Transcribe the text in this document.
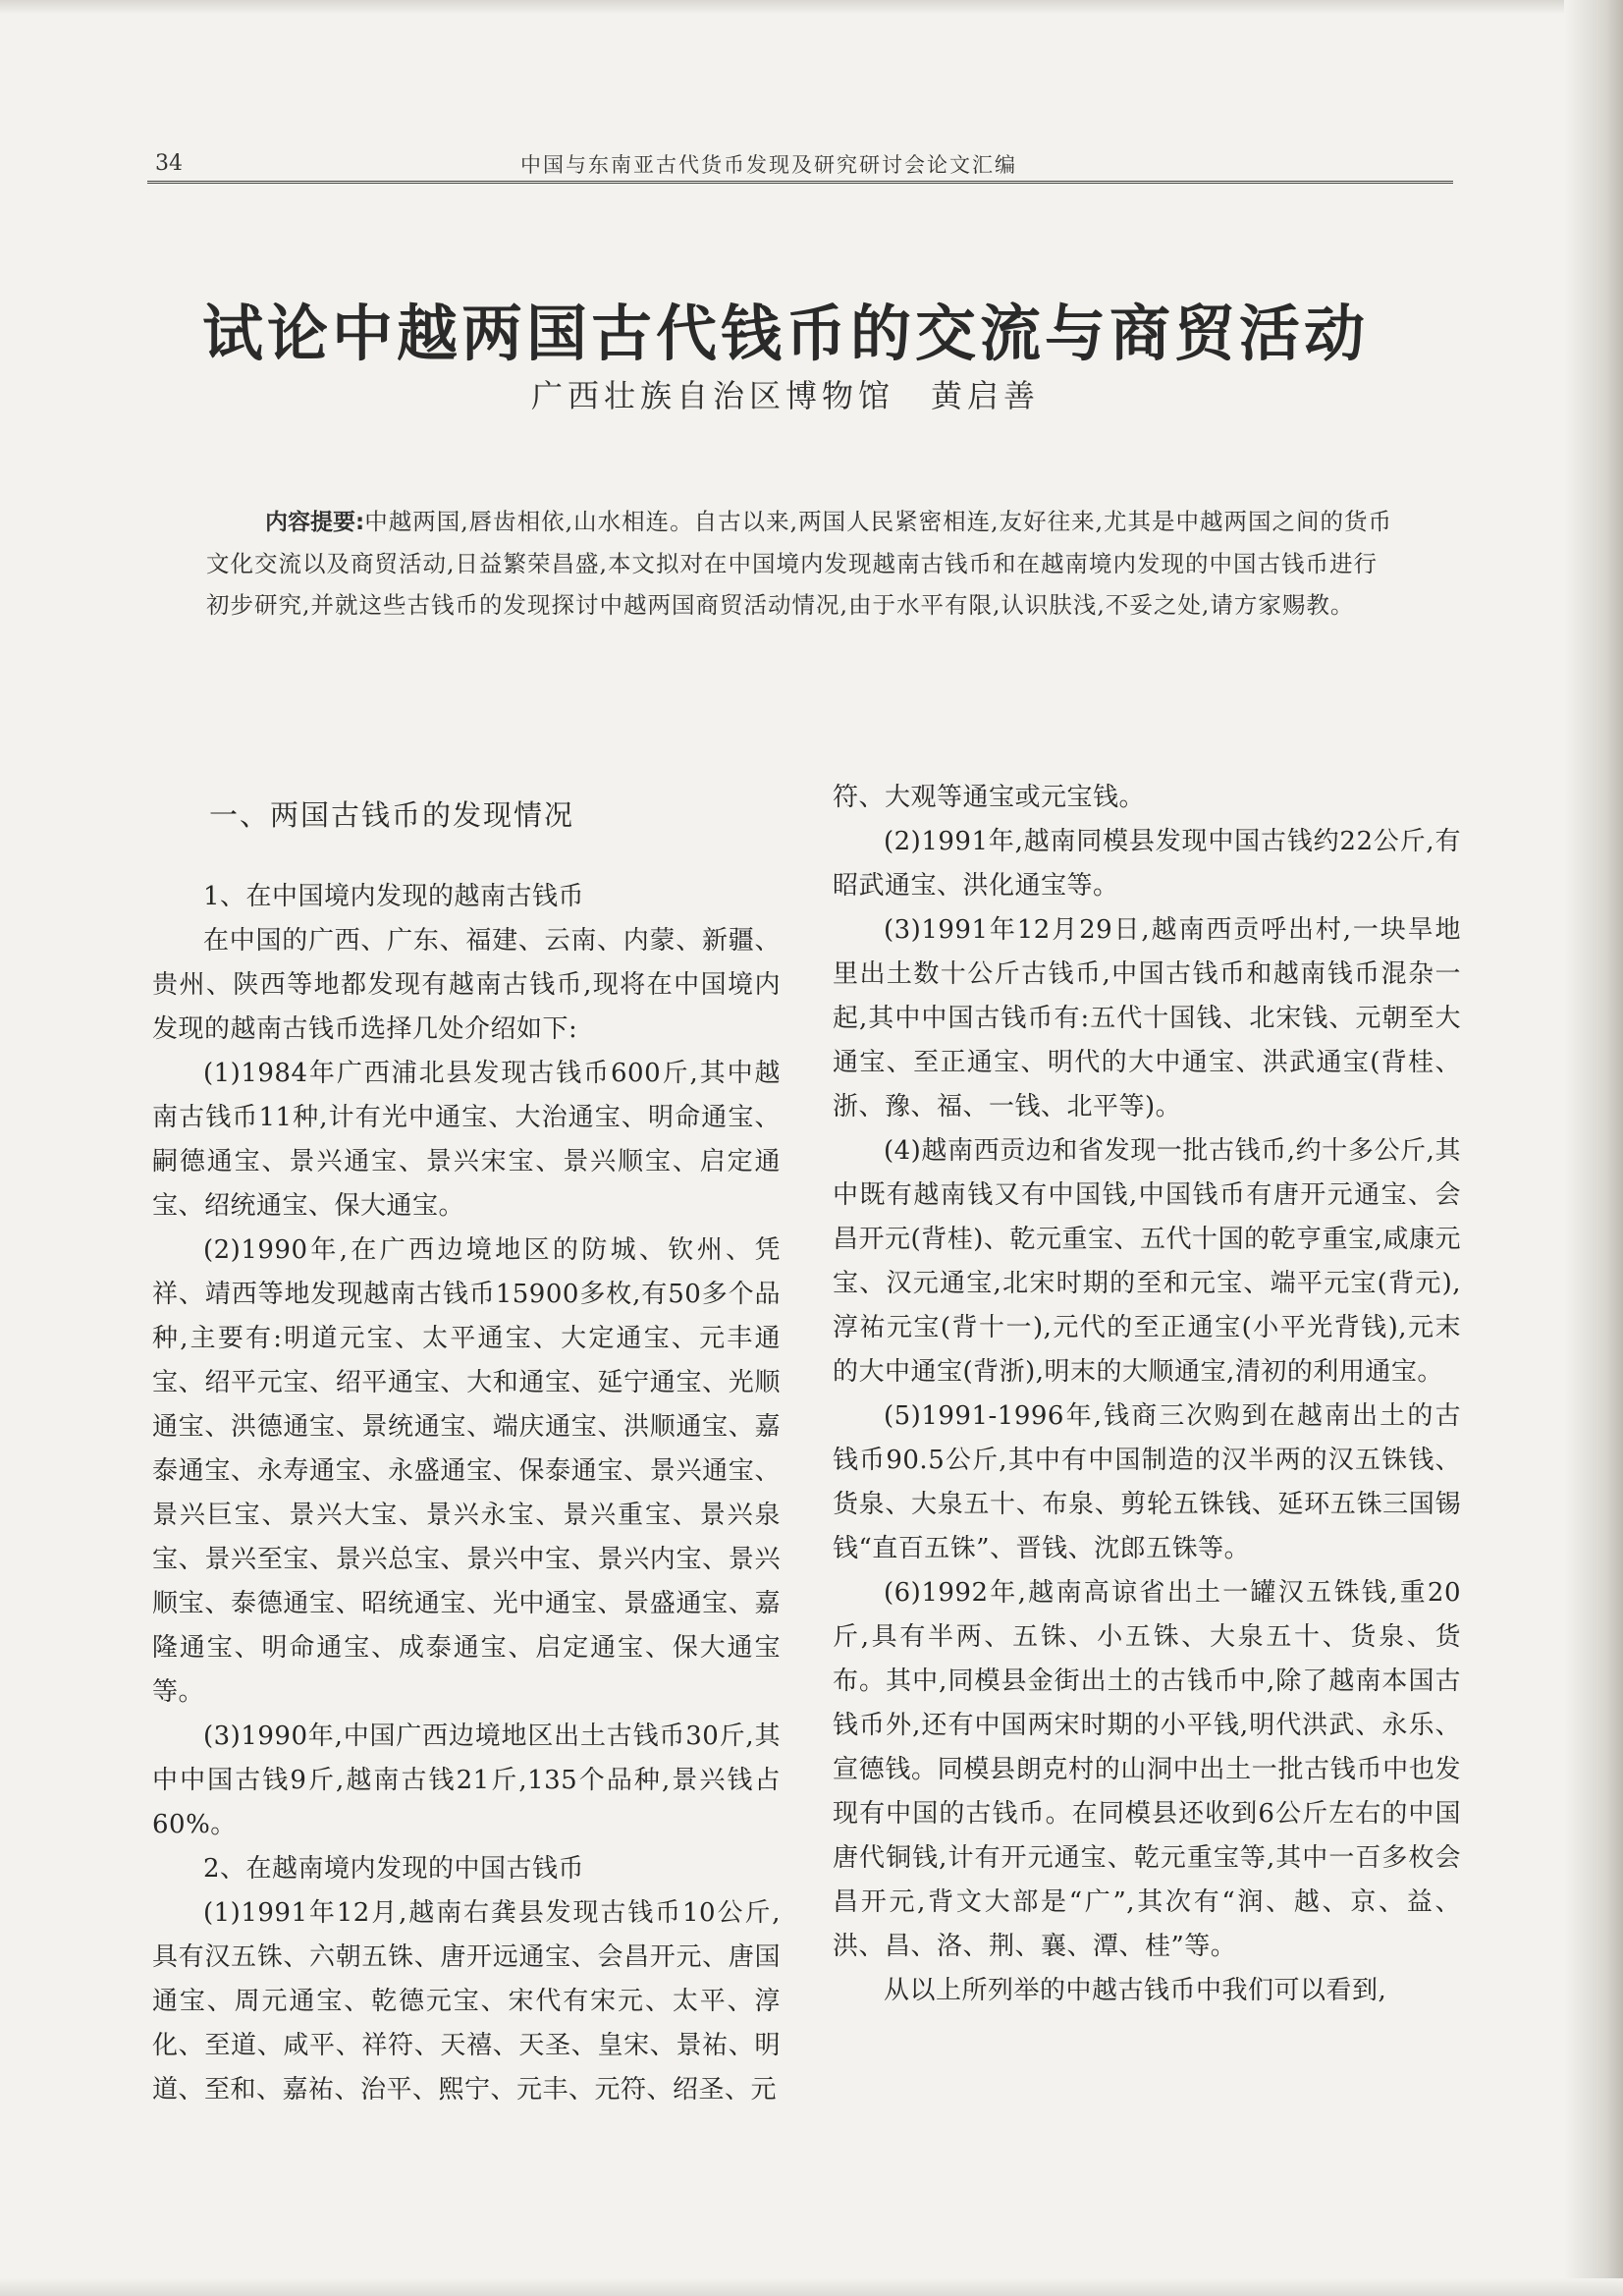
34	中国与东南亚古代货币发现及研究研讨会论文汇编
试论中越两国古代钱币的交流与商贸活动
广西壮族自治区博物馆　黄启善
内容提要:中越两国,唇齿相依,山水相连。自古以来,两国人民紧密相连,友好往来,尤其是中越两国之间的货币文化交流以及商贸活动,日益繁荣昌盛,本文拟对在中国境内发现越南古钱币和在越南境内发现的中国古钱币进行初步研究,并就这些古钱币的发现探讨中越两国商贸活动情况,由于水平有限,认识肤浅,不妥之处,请方家赐教。

一、两国古钱币的发现情况

1、在中国境内发现的越南古钱币

在中国的广西、广东、福建、云南、内蒙、新疆、贵州、陕西等地都发现有越南古钱币,现将在中国境内发现的越南古钱币选择几处介绍如下:

(1)1984年广西浦北县发现古钱币600斤,其中越南古钱币11种,计有光中通宝、大治通宝、明命通宝、嗣德通宝、景兴通宝、景兴宋宝、景兴顺宝、启定通宝、绍统通宝、保大通宝。

(2)1990年,在广西边境地区的防城、钦州、凭祥、靖西等地发现越南古钱币15900多枚,有50多个品种,主要有:明道元宝、太平通宝、大定通宝、元丰通宝、绍平元宝、绍平通宝、大和通宝、延宁通宝、光顺通宝、洪德通宝、景统通宝、端庆通宝、洪顺通宝、嘉泰通宝、永寿通宝、永盛通宝、保泰通宝、景兴通宝、景兴巨宝、景兴大宝、景兴永宝、景兴重宝、景兴泉宝、景兴至宝、景兴总宝、景兴中宝、景兴内宝、景兴顺宝、泰德通宝、昭统通宝、光中通宝、景盛通宝、嘉隆通宝、明命通宝、成泰通宝、启定通宝、保大通宝等。

(3)1990年,中国广西边境地区出土古钱币30斤,其中中国古钱9斤,越南古钱21斤,135个品种,景兴钱占60%。

2、在越南境内发现的中国古钱币

(1)1991年12月,越南右龚县发现古钱币10公斤,具有汉五铢、六朝五铢、唐开远通宝、会昌开元、唐国通宝、周元通宝、乾德元宝、宋代有宋元、太平、淳化、至道、咸平、祥符、天禧、天圣、皇宋、景祐、明道、至和、嘉祐、治平、熙宁、元丰、元符、绍圣、元

符、大观等通宝或元宝钱。

(2)1991年,越南同模县发现中国古钱约22公斤,有昭武通宝、洪化通宝等。

(3)1991年12月29日,越南西贡呼出村,一块旱地里出土数十公斤古钱币,中国古钱币和越南钱币混杂一起,其中中国古钱币有:五代十国钱、北宋钱、元朝至大通宝、至正通宝、明代的大中通宝、洪武通宝(背桂、浙、豫、福、一钱、北平等)。

(4)越南西贡边和省发现一批古钱币,约十多公斤,其中既有越南钱又有中国钱,中国钱币有唐开元通宝、会昌开元(背桂)、乾元重宝、五代十国的乾亨重宝,咸康元宝、汉元通宝,北宋时期的至和元宝、端平元宝(背元),淳祐元宝(背十一),元代的至正通宝(小平光背钱),元末的大中通宝(背浙),明末的大顺通宝,清初的利用通宝。

(5)1991-1996年,钱商三次购到在越南出土的古钱币90.5公斤,其中有中国制造的汉半两的汉五铢钱、货泉、大泉五十、布泉、剪轮五铢钱、延环五铢三国锡钱“直百五铢”、晋钱、沈郎五铢等。

(6)1992年,越南高谅省出土一罐汉五铢钱,重20斤,具有半两、五铢、小五铢、大泉五十、货泉、货布。其中,同模县金街出土的古钱币中,除了越南本国古钱币外,还有中国两宋时期的小平钱,明代洪武、永乐、宣德钱。同模县朗克村的山洞中出土一批古钱币中也发现有中国的古钱币。在同模县还收到6公斤左右的中国唐代铜钱,计有开元通宝、乾元重宝等,其中一百多枚会昌开元,背文大部是“广”,其次有“润、越、京、益、洪、昌、洛、荆、襄、潭、桂”等。

从以上所列举的中越古钱币中我们可以看到,
